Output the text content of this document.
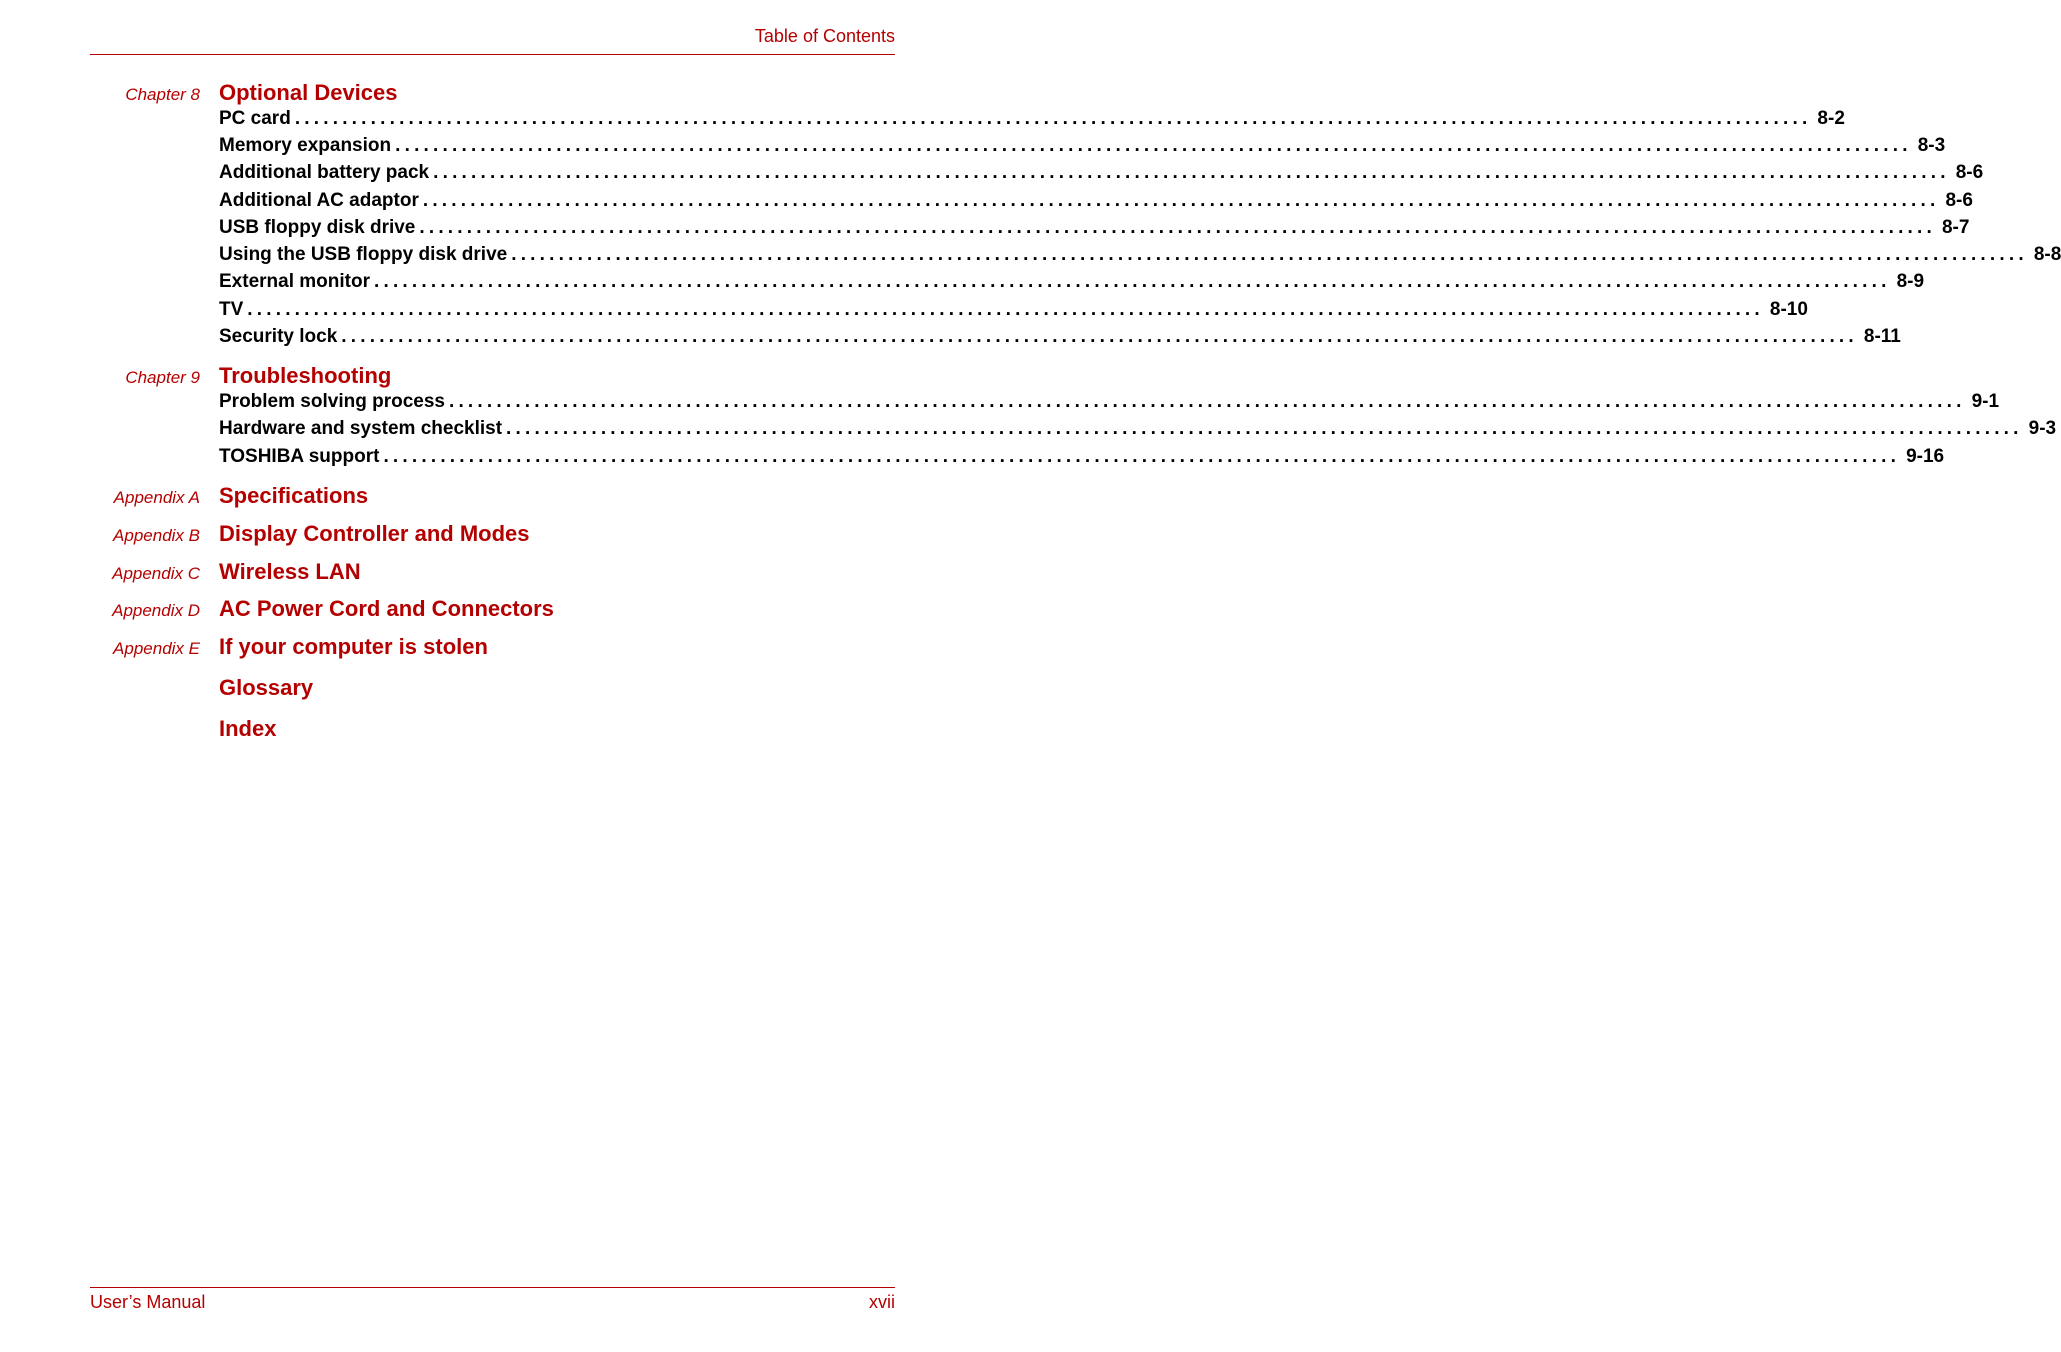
Table of Contents
Chapter 8 Optional Devices
PC card ................................................................................................................................................................ 8-2
Memory expansion ................................................................................................................................................................ 8-3
Additional battery pack ................................................................................................................................................................ 8-6
Additional AC adaptor ................................................................................................................................................................ 8-6
USB floppy disk drive ................................................................................................................................................................ 8-7
Using the USB floppy disk drive ................................................................................................................................................................ 8-8
External monitor ................................................................................................................................................................ 8-9
TV ................................................................................................................................................................ 8-10
Security lock ................................................................................................................................................................ 8-11
Chapter 9 Troubleshooting
Problem solving process ................................................................................................................................................................ 9-1
Hardware and system checklist ................................................................................................................................................................ 9-3
TOSHIBA support ................................................................................................................................................................ 9-16
Appendix A Specifications
Appendix B Display Controller and Modes
Appendix C Wireless LAN
Appendix D AC Power Cord and Connectors
Appendix E If your computer is stolen
Glossary
Index
User’s Manual	xvii
